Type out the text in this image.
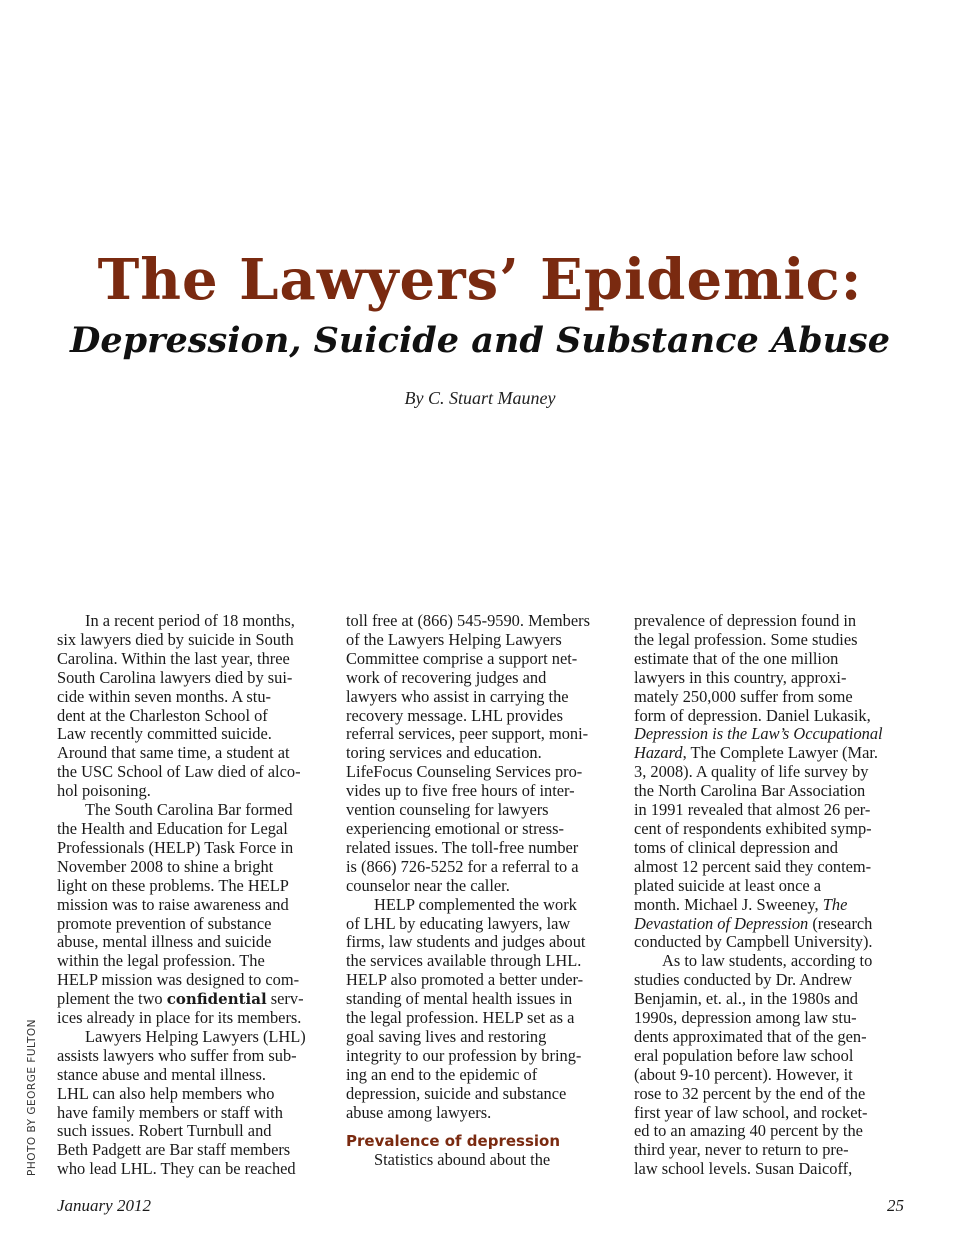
The Lawyers’ Epidemic:
Depression, Suicide and Substance Abuse
By C. Stuart Mauney
PHOTO BY GEORGE FULTON
In a recent period of 18 months,
six lawyers died by suicide in South
Carolina. Within the last year, three
South Carolina lawyers died by sui-
cide within seven months. A stu-
dent at the Charleston School of
Law recently committed suicide.
Around that same time, a student at
the USC School of Law died of alco-
hol poisoning.
The South Carolina Bar formed
the Health and Education for Legal
Professionals (HELP) Task Force in
November 2008 to shine a bright
light on these problems. The HELP
mission was to raise awareness and
promote prevention of substance
abuse, mental illness and suicide
within the legal profession. The
HELP mission was designed to com-
plement the two confidential serv-
ices already in place for its members.
Lawyers Helping Lawyers (LHL)
assists lawyers who suffer from sub-
stance abuse and mental illness.
LHL can also help members who
have family members or staff with
such issues. Robert Turnbull and
Beth Padgett are Bar staff members
who lead LHL. They can be reached
toll free at (866) 545-9590. Members
of the Lawyers Helping Lawyers
Committee comprise a support net-
work of recovering judges and
lawyers who assist in carrying the
recovery message. LHL provides
referral services, peer support, moni-
toring services and education.
LifeFocus Counseling Services pro-
vides up to five free hours of inter-
vention counseling for lawyers
experiencing emotional or stress-
related issues. The toll-free number
is (866) 726-5252 for a referral to a
counselor near the caller.
HELP complemented the work
of LHL by educating lawyers, law
firms, law students and judges about
the services available through LHL.
HELP also promoted a better under-
standing of mental health issues in
the legal profession. HELP set as a
goal saving lives and restoring
integrity to our profession by bring-
ing an end to the epidemic of
depression, suicide and substance
abuse among lawyers.
Prevalence of depression
Statistics abound about the
prevalence of depression found in
the legal profession. Some studies
estimate that of the one million
lawyers in this country, approxi-
mately 250,000 suffer from some
form of depression. Daniel Lukasik,
Depression is the Law’s Occupational
Hazard, The Complete Lawyer (Mar.
3, 2008). A quality of life survey by
the North Carolina Bar Association
in 1991 revealed that almost 26 per-
cent of respondents exhibited symp-
toms of clinical depression and
almost 12 percent said they contem-
plated suicide at least once a
month. Michael J. Sweeney, The
Devastation of Depression (research
conducted by Campbell University).
As to law students, according to
studies conducted by Dr. Andrew
Benjamin, et. al., in the 1980s and
1990s, depression among law stu-
dents approximated that of the gen-
eral population before law school
(about 9-10 percent). However, it
rose to 32 percent by the end of the
first year of law school, and rocket-
ed to an amazing 40 percent by the
third year, never to return to pre-
law school levels. Susan Daicoff,
January 2012	25
